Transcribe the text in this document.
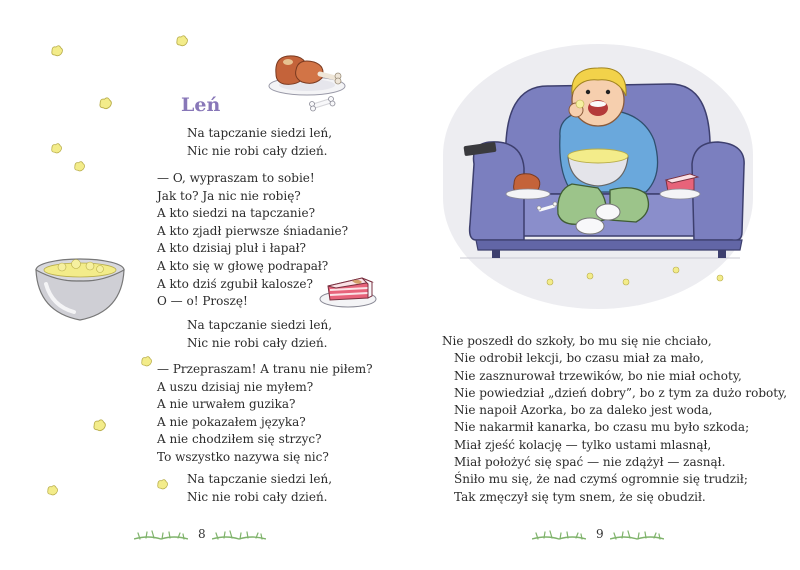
Leń
Na tapczanie siedzi leń,
Nic nie robi cały dzień.
— O, wypraszam to sobie!
Jak to? Ja nic nie robię?
A kto siedzi na tapczanie?
A kto zjadł pierwsze śniadanie?
A kto dzisiaj pluł i łapał?
A kto się w głowę podrapał?
A kto dziś zgubił kalosze?
O — o! Proszę!
Na tapczanie siedzi leń,
Nic nie robi cały dzień.
— Przepraszam! A tranu nie piłem?
A uszu dzisiaj nie myłem?
A nie urwałem guzika?
A nie pokazałem języka?
A nie chodziłem się strzyc?
To wszystko nazywa się nic?
Na tapczanie siedzi leń,
Nic nie robi cały dzień.
8
Nie poszedł do szkoły, bo mu się nie chciało,
Nie odrobił lekcji, bo czasu miał za mało,
Nie zasznurował trzewików, bo nie miał ochoty,
Nie powiedział „dzień dobry”, bo z tym za dużo roboty,
Nie napoił Azorka, bo za daleko jest woda,
Nie nakarmił kanarka, bo czasu mu było szkoda;
Miał zjeść kolację — tylko ustami mlasnął,
Miał położyć się spać — nie zdążył — zasnął.
Śniło mu się, że nad czymś ogromnie się trudził;
Tak zmęczył się tym snem, że się obudził.
9
